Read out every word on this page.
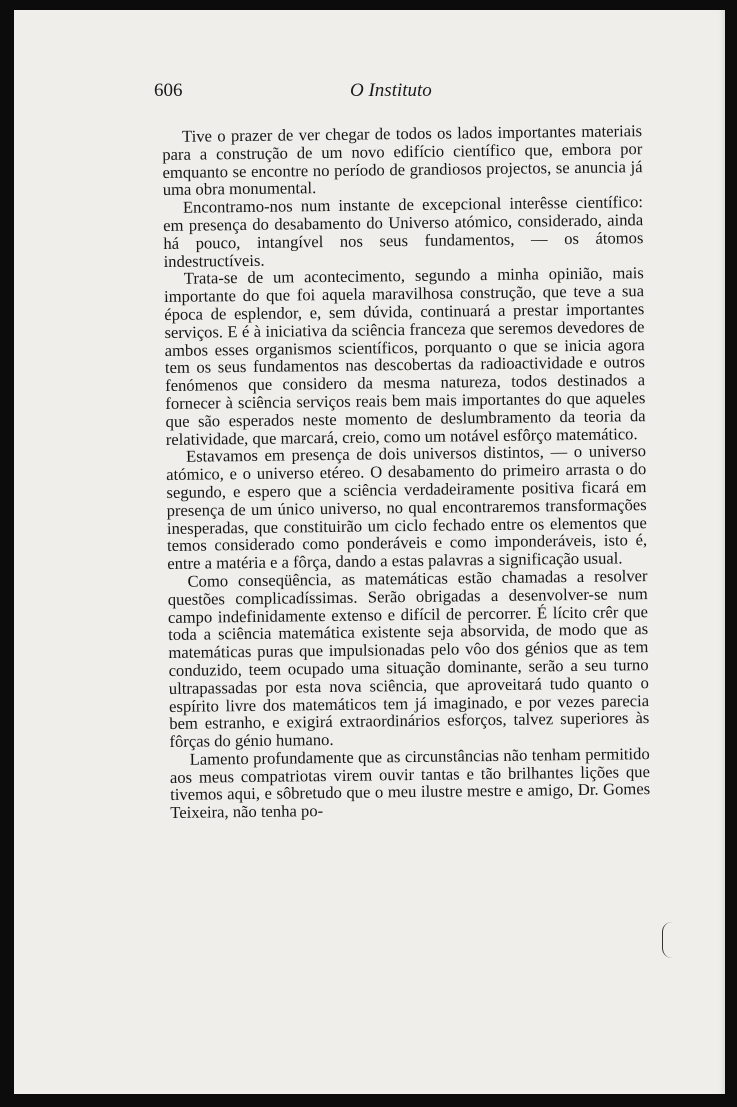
606	O Instituto

Tive o prazer de ver chegar de todos os lados importantes materiais para a construção de um novo edifício científico que, embora por emquanto se encontre no período de grandiosos projectos, se anuncia já uma obra monumental.

Encontramo-nos num instante de excepcional interêsse científico: em presença do desabamento do Universo atómico, considerado, ainda há pouco, intangível nos seus fundamentos, — os átomos indestructíveis.

Trata-se de um acontecimento, segundo a minha opinião, mais importante do que foi aquela maravilhosa construção, que teve a sua época de esplendor, e, sem dúvida, continuará a prestar importantes serviços. E é à iniciativa da sciência franceza que seremos devedores de ambos esses organismos scientíficos, porquanto o que se inicia agora tem os seus fundamentos nas descobertas da radioactividade e outros fenómenos que considero da mesma natureza, todos destinados a fornecer à sciência serviços reais bem mais importantes do que aqueles que são esperados neste momento de deslumbramento da teoria da relatividade, que marcará, creio, como um notável esfôrço matemático.

Estavamos em presença de dois universos distintos, — o universo atómico, e o universo etéreo. O desabamento do primeiro arrasta o do segundo, e espero que a sciência verdadeiramente positiva ficará em presença de um único universo, no qual encontraremos transformações inesperadas, que constituirão um ciclo fechado entre os elementos que temos considerado como ponderáveis e como imponderáveis, isto é, entre a matéria e a fôrça, dando a estas palavras a significação usual.

Como conseqüência, as matemáticas estão chamadas a resolver questões complicadíssimas. Serão obrigadas a desenvolver-se num campo indefinidamente extenso e difícil de percorrer. É lícito crêr que toda a sciência matemática existente seja absorvida, de modo que as matemáticas puras que impulsionadas pelo vôo dos génios que as tem conduzido, teem ocupado uma situação dominante, serão a seu turno ultrapassadas por esta nova sciência, que aproveitará tudo quanto o espírito livre dos matemáticos tem já imaginado, e por vezes parecia bem estranho, e exigirá extraordinários esforços, talvez superiores às fôrças do génio humano.

Lamento profundamente que as circunstâncias não tenham permitido aos meus compatriotas virem ouvir tantas e tão brilhantes lições que tivemos aqui, e sôbretudo que o meu ilustre mestre e amigo, Dr. Gomes Teixeira, não tenha po-
